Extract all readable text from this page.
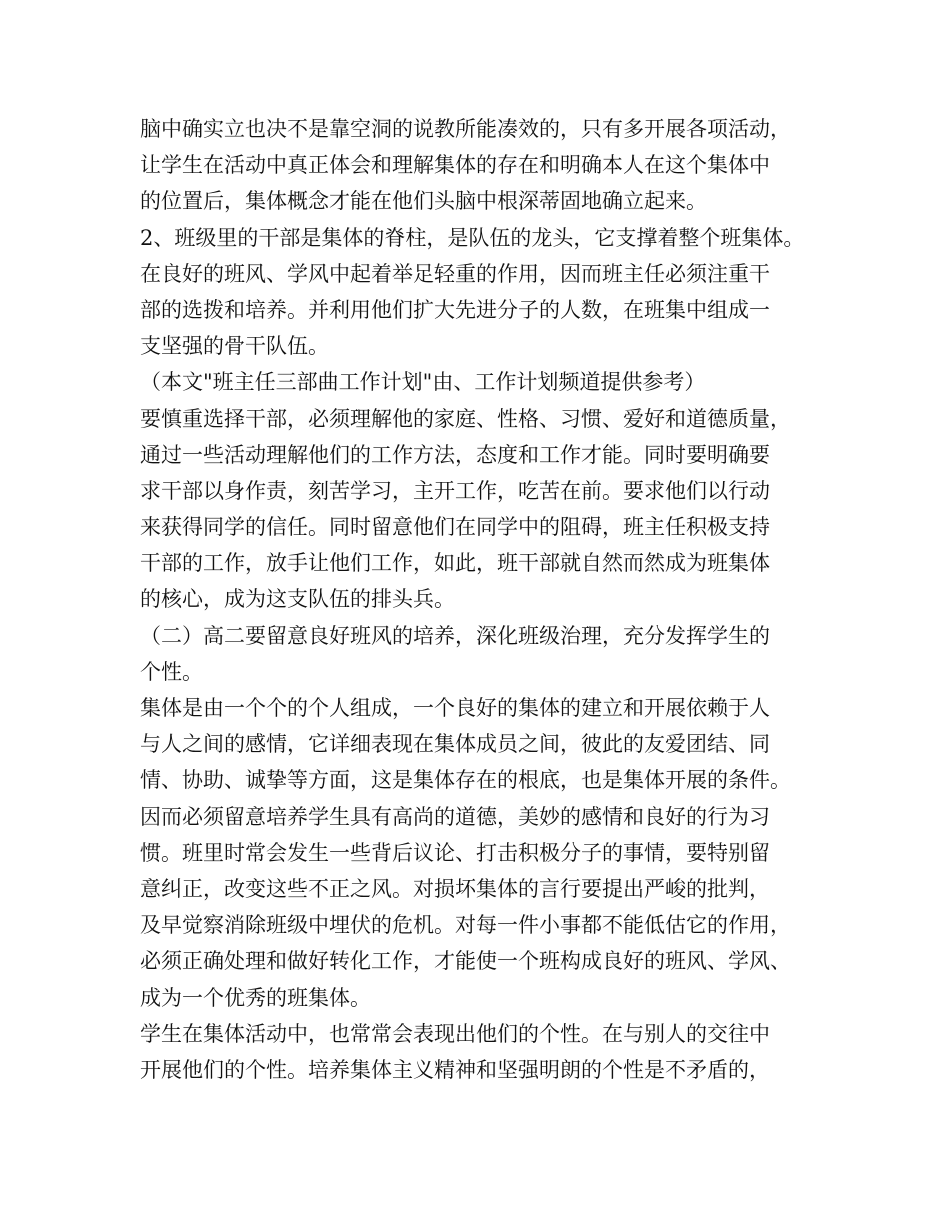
脑中确实立也决不是靠空洞的说教所能凑效的，只有多开展各项活动，
让学生在活动中真正体会和理解集体的存在和明确本人在这个集体中
的位置后，集体概念才能在他们头脑中根深蒂固地确立起来。
2、班级里的干部是集体的脊柱，是队伍的龙头，它支撑着整个班集体。
在良好的班风、学风中起着举足轻重的作用，因而班主任必须注重干
部的选拨和培养。并利用他们扩大先进分子的人数，在班集中组成一
支坚强的骨干队伍。
（本文"班主任三部曲工作计划"由、工作计划频道提供参考）
要慎重选择干部，必须理解他的家庭、性格、习惯、爱好和道德质量，
通过一些活动理解他们的工作方法，态度和工作才能。同时要明确要
求干部以身作责，刻苦学习，主开工作，吃苦在前。要求他们以行动
来获得同学的信任。同时留意他们在同学中的阻碍，班主任积极支持
干部的工作，放手让他们工作，如此，班干部就自然而然成为班集体
的核心，成为这支队伍的排头兵。
（二）高二要留意良好班风的培养，深化班级治理，充分发挥学生的
个性。
集体是由一个个的个人组成，一个良好的集体的建立和开展依赖于人
与人之间的感情，它详细表现在集体成员之间，彼此的友爱团结、同
情、协助、诚挚等方面，这是集体存在的根底，也是集体开展的条件。
因而必须留意培养学生具有高尚的道德，美妙的感情和良好的行为习
惯。班里时常会发生一些背后议论、打击积极分子的事情，要特别留
意纠正，改变这些不正之风。对损坏集体的言行要提出严峻的批判，
及早觉察消除班级中埋伏的危机。对每一件小事都不能低估它的作用，
必须正确处理和做好转化工作，才能使一个班构成良好的班风、学风、
成为一个优秀的班集体。
学生在集体活动中，也常常会表现出他们的个性。在与别人的交往中
开展他们的个性。培养集体主义精神和坚强明朗的个性是不矛盾的，
